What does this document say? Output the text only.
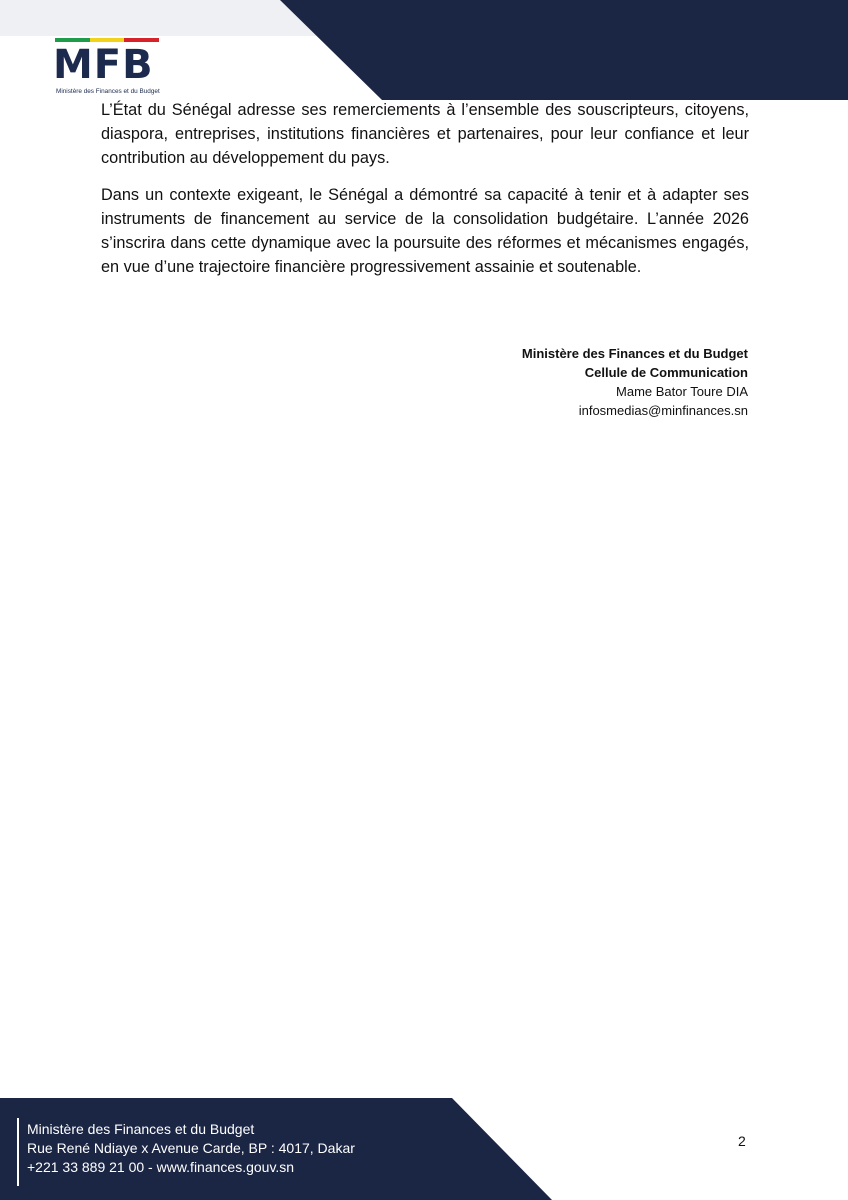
MFB
Ministère des Finances et du Budget

L’État du Sénégal adresse ses remerciements à l’ensemble des souscripteurs, citoyens, diaspora, entreprises, institutions financières et partenaires, pour leur confiance et leur contribution au développement du pays.

Dans un contexte exigeant, le Sénégal a démontré sa capacité à tenir et à adapter ses instruments de financement au service de la consolidation budgétaire. L’année 2026 s’inscrira dans cette dynamique avec la poursuite des réformes et mécanismes engagés, en vue d’une trajectoire financière progressivement assainie et soutenable.

Ministère des Finances et du Budget
Cellule de Communication
Mame Bator Toure DIA
infosmedias@minfinances.sn
Ministère des Finances et du Budget
Rue René Ndiaye x Avenue Carde, BP : 4017, Dakar
+221 33 889 21 00 - www.finances.gouv.sn
2
